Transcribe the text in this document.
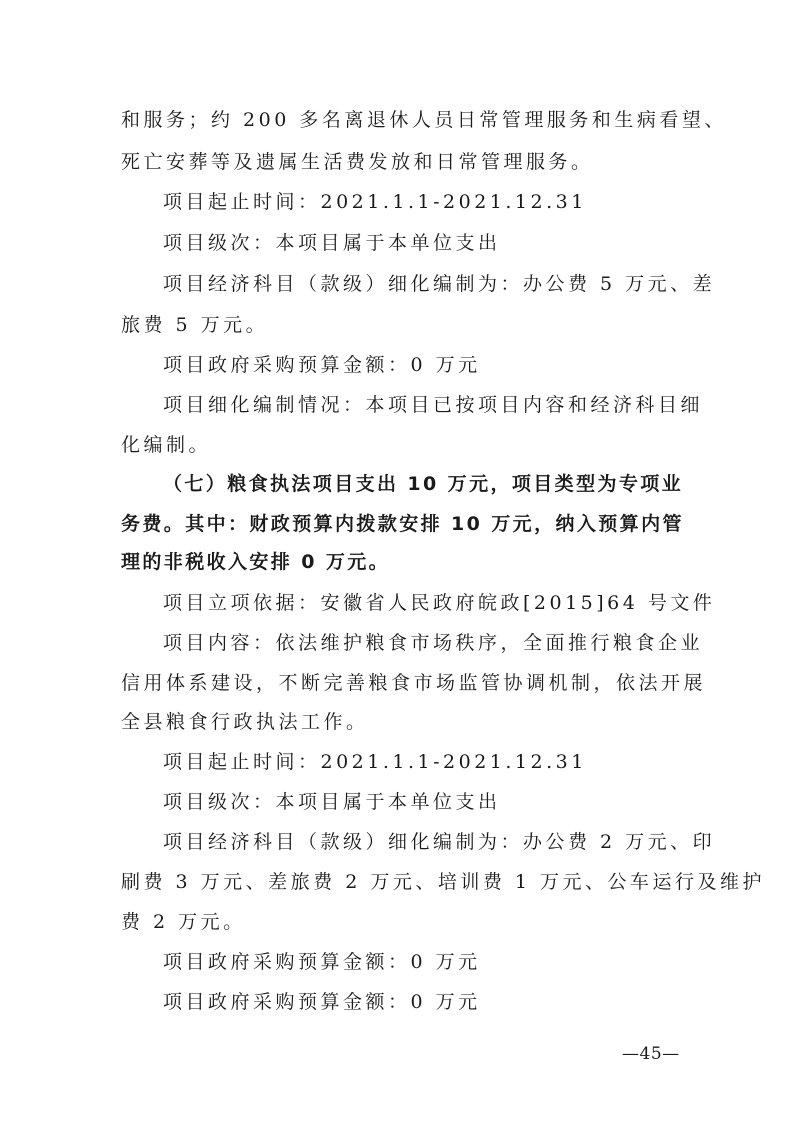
和服务；约 200 多名离退休人员日常管理服务和生病看望、
死亡安葬等及遗属生活费发放和日常管理服务。
项目起止时间：2021.1.1-2021.12.31
项目级次：本项目属于本单位支出
项目经济科目（款级）细化编制为：办公费 5 万元、差
旅费 5 万元。
项目政府采购预算金额：0 万元
项目细化编制情况：本项目已按项目内容和经济科目细
化编制。
（七）粮食执法项目支出 10 万元，项目类型为专项业
务费。其中：财政预算内拨款安排 10 万元，纳入预算内管
理的非税收入安排 0 万元。
项目立项依据：安徽省人民政府皖政[2015]64 号文件
项目内容：依法维护粮食市场秩序，全面推行粮食企业
信用体系建设，不断完善粮食市场监管协调机制，依法开展
全县粮食行政执法工作。
项目起止时间：2021.1.1-2021.12.31
项目级次：本项目属于本单位支出
项目经济科目（款级）细化编制为：办公费 2 万元、印
刷费 3 万元、差旅费 2 万元、培训费 1 万元、公车运行及维护
费 2 万元。
项目政府采购预算金额：0 万元
项目政府采购预算金额：0 万元
—45—
